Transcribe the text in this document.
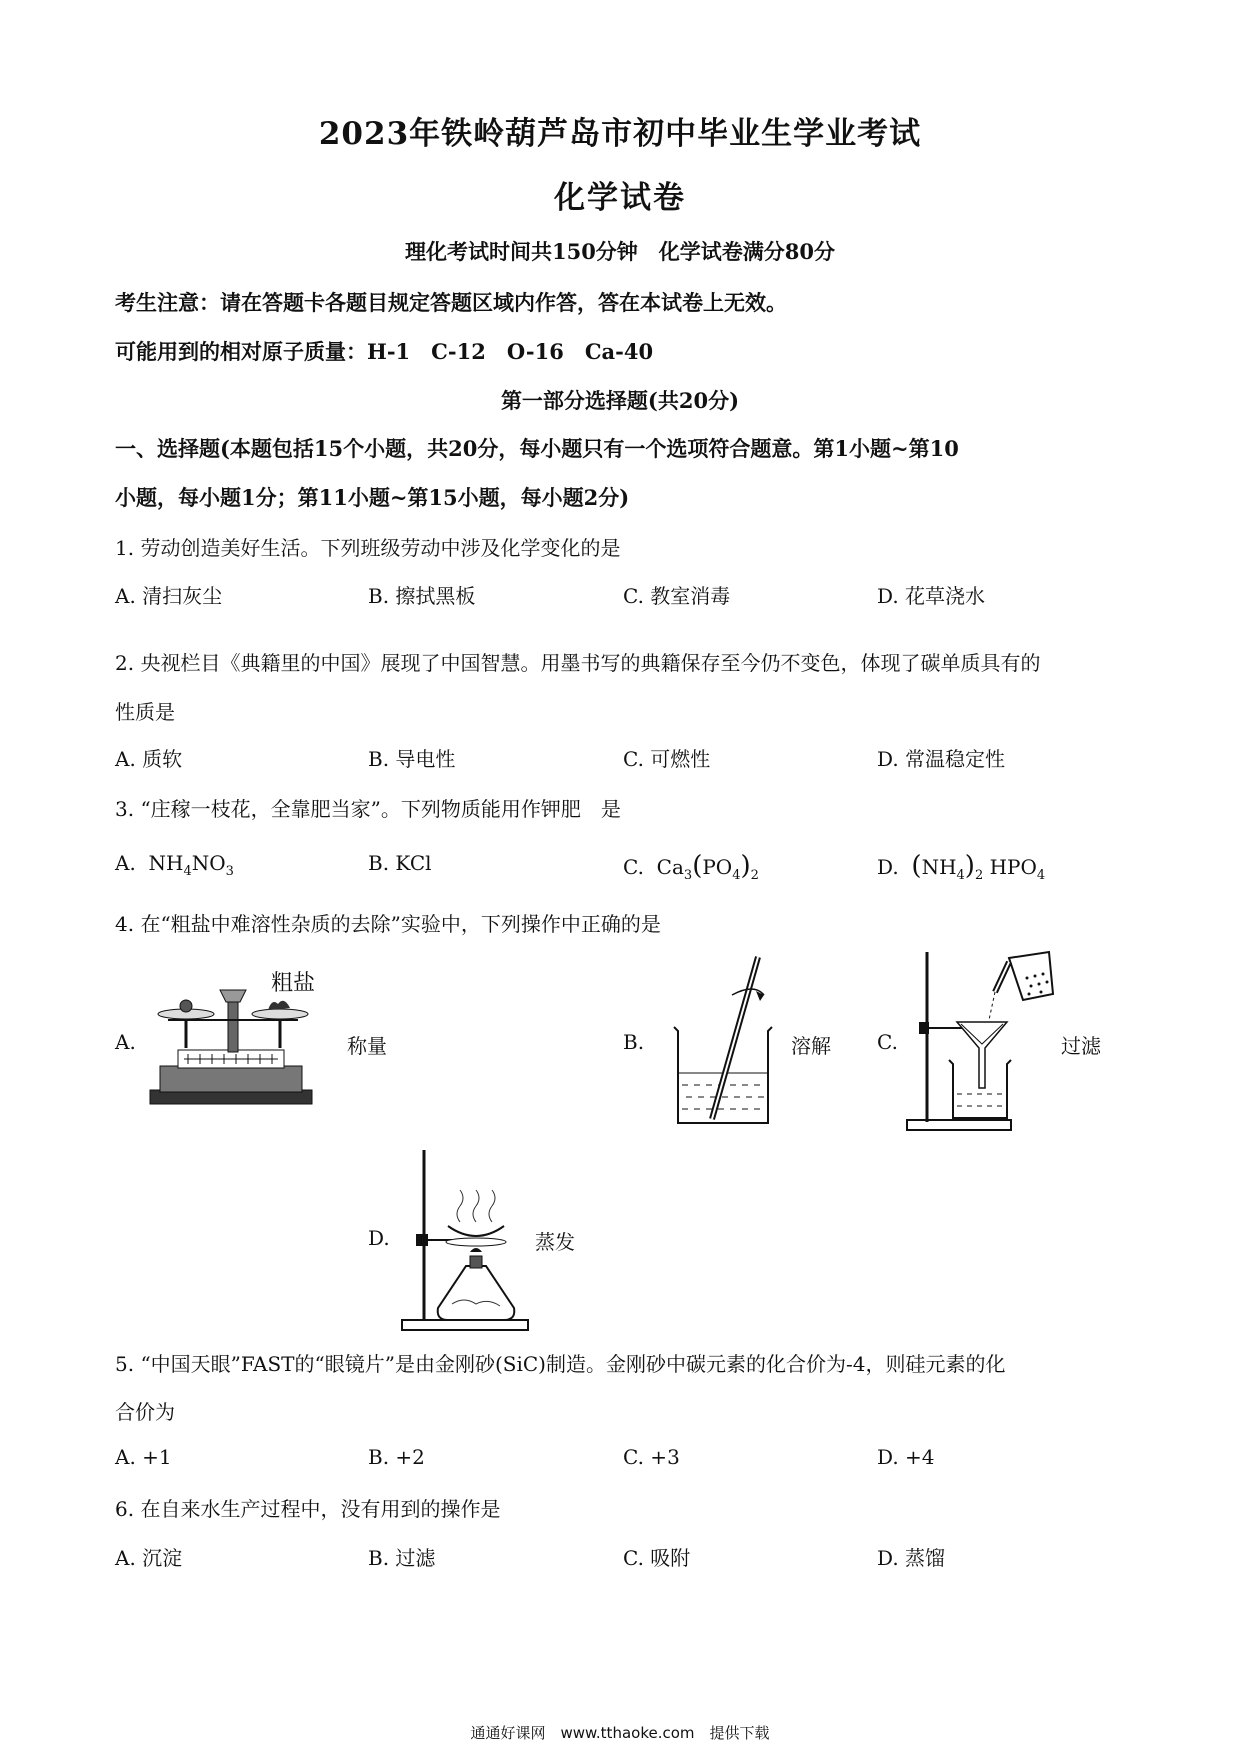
2023年铁岭葫芦岛市初中毕业生学业考试
化学试卷
理化考试时间共150分钟　化学试卷满分80分
考生注意：请在答题卡各题目规定答题区域内作答，答在本试卷上无效。
可能用到的相对原子质量：H-1　C-12　O-16　Ca-40
第一部分选择题(共20分)
一、选择题(本题包括15个小题，共20分，每小题只有一个选项符合题意。第1小题~第10
小题，每小题1分；第11小题~第15小题，每小题2分)
1. 劳动创造美好生活。下列班级劳动中涉及化学变化的是
A. 清扫灰尘	B. 擦拭黑板	C. 教室消毒	D. 花草浇水
2. 央视栏目《典籍里的中国》展现了中国智慧。用墨书写的典籍保存至今仍不变色，体现了碳单质具有的
性质是
A. 质软	B. 导电性	C. 可燃性	D. 常温稳定性
3. “庄稼一枝花，全靠肥当家”。下列物质能用作钾肥　是
A.  $NH_4NO_3$	B. KCl	C.  $Ca_3(PO_4)_2$	D. $(NH_4)_2$ $HPO_4$
4. 在“粗盐中难溶性杂质的去除”实验中，下列操作中正确的是
A.
粗盐
称量	B.	溶解 C.	过滤
D.	蒸发
5. “中国天眼”FAST的“眼镜片”是由金刚砂(SiC)制造。金刚砂中碳元素的化合价为-4，则硅元素的化
合价为
A. +1	B. +2	C. +3	D. +4
6. 在自来水生产过程中，没有用到的操作是
A. 沉淀	B. 过滤	C. 吸附	D. 蒸馏
通通好课网　www.tthaoke.com　提供下载
